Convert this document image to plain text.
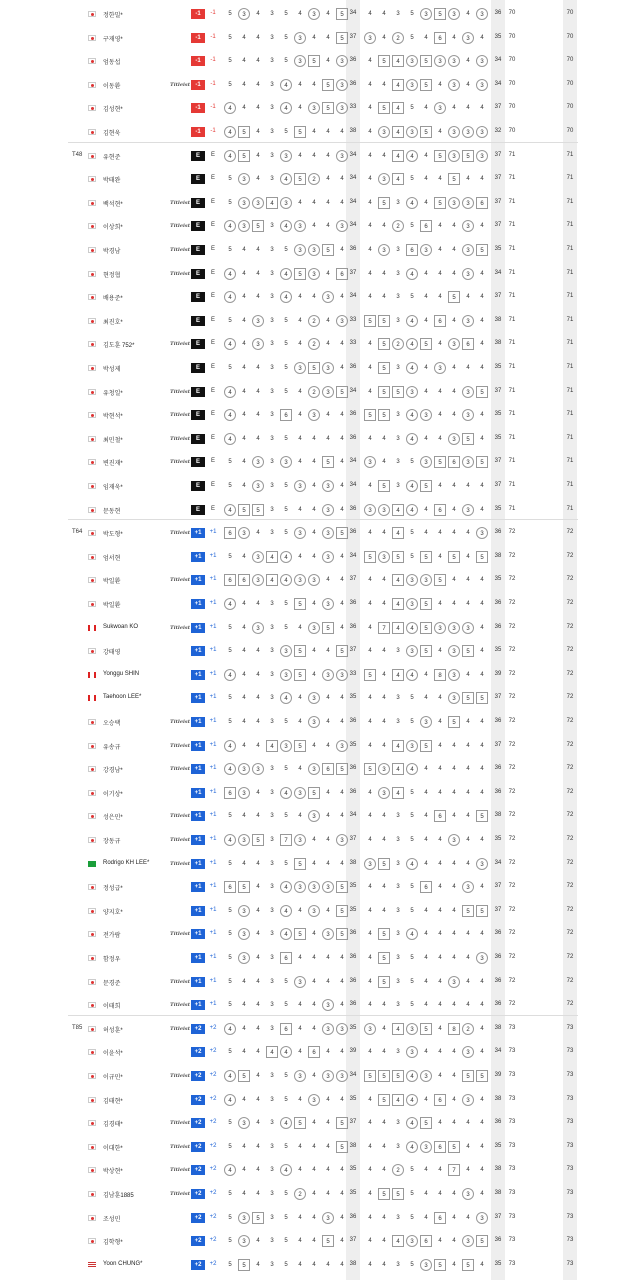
정한밀*	-1	-1	5	3	4	3	5	4	3	4	5 34	4	4	3	5	3	5	3	4	3	36	70	70
구재영*	-1	-1	5	4	4	3	5	3	4	4	5 37	3	4	2	5	4	6	4	3	4	35	70	70
엄동섭	-1	-1	5	4	4	3	5	3	5	4	3 36	4	5	4	3	5	3	3	4	3	34	70	70
이동환	Titleist -1	-1	5	4	4	3	4	4	4	5	3 36	4	4	4	3	5	4	3	4	3	34	70	70
김성현*	-1	-1	4	4	4	3	4	4	3	5	3 33	4	5	4	5	4	3	4	4	4	37	70	70
김현욱	-1	-1	4	5	4	3	5	5	4	4	4 38	4	3	4	3	5	4	3	3	3	32	70	70
T48	유현준	E	E	4	5	4	3	3	4	4	4	3 34	4	4	4	4	4	5	3	5	3	37	71	71
박태완	E	E	5	3	4	3	4	5	2	4	4 34	4	3	4	5	4	4	5	4	4	37	71	71
백석현*	Titleist E	E	5	3	3	4	3	4	4	4	4 34	4	5	3	4	4	5	3	3	6	37	71	71
이상희*	Titleist E	E	4	3	5	3	4	3	4	4	3 34	4	4	2	5	6	4	4	3	4	37	71	71
박경남	Titleist E	E	5	4	4	3	5	3	3	5	4 36	4	3	3	6	3	4	4	3	5	35	71	71
현정협	Titleist E	E	4	4	4	3	4	5	3	4	6 37	4	4	3	4	4	4	4	3	4	34	71	71
배용준*	E	E	4	4	4	3	4	4	4	3	4 34	4	4	3	5	4	4	5	4	4	37	71	71
최진호*	E	E	5	4	3	3	5	4	2	4	3 33	5	5	3	4	4	6	4	3	4	38	71	71
김도훈 752*	Titleist E	E	4	4	3	3	5	4	2	4	4 33	4	5	2	4	5	4	3	6	4	38	71	71
박성제	E	E	5	4	4	3	5	3	5	3	4 36	4	5	3	4	4	3	4	4	4	35	71	71
유청일*	Titleist E	E	4	4	4	3	5	4	2	3	5 34	4	5	5	3	4	4	4	3	5	37	71	71
박현석*	Titleist E	E	4	4	4	3	6	4	3	4	4 36	5	5	3	4	3	4	4	3	4	35	71	71
최민철*	Titleist E	E	4	4	4	3	5	4	4	4	4 36	4	4	3	4	4	4	3	5	4	35	71	71
변진재*	Titleist E	E	5	4	3	3	3	4	4	5	4 34	3	4	3	5	3	5	6	3	5	37	71	71
임재욱*	E	E	5	4	3	3	5	3	4	3	4 34	4	5	3	4	5	4	4	4	4	37	71	71
문동현	E	E	4	5	5	3	5	4	4	3	4 36	3	3	4	4	4	6	4	3	4	35	71	71
T64	박도형*	Titleist +1	+1	6	3	4	3	5	3	4	3	5 36	4	4	4	5	4	4	4	4	3	36	72	72
엄서현	+1	+1	5	4	3	4	4	4	4	3	4 34	5	3	5	5	5	4	5	4	5	38	72	72
박일환	Titleist +1	+1	6	6	3	4	4	3	3	4	4 37	4	4	4	3	3	5	4	4	4	35	72	72
박일환	+1	+1	4	4	4	3	5	5	4	3	4 36	4	4	4	3	5	4	4	4	4	36	72	72
Sukwoan KO	Titleist +1	+1	5	4	3	3	5	4	3	5	4 36	4	7	4	4	5	3	3	3	4	36	72	72
강태영	+1	+1	5	4	4	3	3	5	4	4	5 37	4	4	3	3	5	4	3	5	4	35	72	72
Yonggu SHIN	+1	+1	4	4	4	3	3	5	4	3	3 33	5	4	4	4	4	8	3	4	4	39	72	72
Taehoon LEE*	+1	+1	5	4	4	3	4	4	3	4	4 35	4	4	3	5	4	4	3	5	5	37	72	72
오승택	Titleist +1	+1	5	4	4	3	5	4	3	4	4 36	4	4	3	5	3	4	5	4	4	36	72	72
유송규	Titleist +1	+1	4	4	4	4	3	5	4	4	3 35	4	4	4	3	5	4	4	4	4	37	72	72
강경남*	Titleist +1	+1	4	3	3	3	5	4	3	6	5 36	5	3	4	4	4	4	4	4	4	36	72	72
이기상*	+1	+1	6	3	4	3	4	3	5	4	4 36	4	3	4	5	4	4	4	4	4	36	72	72
성은민*	Titleist +1	+1	5	4	4	3	5	4	3	4	4 34	4	4	3	5	4	6	4	4	5	38	72	72
장동규	Titleist +1	+1	4	3	5	3	7	3	4	4	3 37	4	4	3	5	4	4	3	4	4	35	72	72
Rodrigo KH LEE*	Titleist +1	+1	5	4	4	3	5	5	4	4	4 38	3	5	3	4	4	4	4	4	3	34	72	72
정성급*	+1	+1	6	5	4	3	4	3	3	3	5 35	4	4	3	5	6	4	4	3	4	37	72	72
양지호*	+1	+1	5	3	4	3	4	4	3	4	5 35	4	4	3	5	4	4	4	5	5	37	72	72
전가람	Titleist +1	+1	5	3	4	3	4	5	4	3	5 36	4	5	3	4	4	4	4	4	4	36	72	72
함정우	+1	+1	5	3	4	3	6	4	4	4	4 36	4	5	3	5	4	4	4	4	3	36	72	72
문경준	Titleist +1	+1	5	4	4	3	5	3	4	4	4 36	4	5	3	5	4	4	3	4	4	36	72	72
이태희	Titleist +1	+1	5	4	4	3	5	4	4	3	4 36	4	4	3	5	4	4	4	4	4	36	72	72
T85	허성훈*	Titleist +2	+2	4	4	4	3	6	4	4	3	3 35	3	4	4	3	5	4	8	2	4	38	73	73
이윤석*	+2	+2	5	4	4	4	4	4	6	4	4 39	4	4	3	3	4	4	4	3	4	34	73	73
이규민*	Titleist +2	+2	4	5	4	3	5	3	4	3	3 34	5	5	5	4	3	4	4	5	5	39	73	73
김태현*	+2	+2	4	4	4	3	5	4	3	4	4 35	4	5	4	4	4	6	4	3	4	38	73	73
김경태*	Titleist +2	+2	5	3	4	3	4	5	4	4	5 37	4	4	3	4	5	4	4	4	4	36	73	73
이대한*	Titleist +2	+2	5	4	4	3	5	4	4	4	5 38	4	4	3	4	3	6	5	4	4	35	73	73
박상현*	Titleist +2	+2	4	4	4	3	4	4	4	4	4 35	4	4	2	5	4	4	7	4	4	38	73	73
김남훈1885	Titleist +2	+2	5	4	4	3	5	2	4	4	4 35	4	5	5	5	4	4	4	3	4	38	73	73
조성민	+2	+2	5	3	5	3	5	4	4	3	4 36	4	4	3	5	4	6	4	4	3	37	73	73
김학형*	+2	+2	5	3	4	3	5	4	4	5	4 37	4	4	4	3	6	4	4	3	5	36	73	73
Yoon CHUNG*	+2	+2	5	5	4	3	5	4	4	4	4 38	4	4	3	5	3	5	4	5	4	35	73	73
